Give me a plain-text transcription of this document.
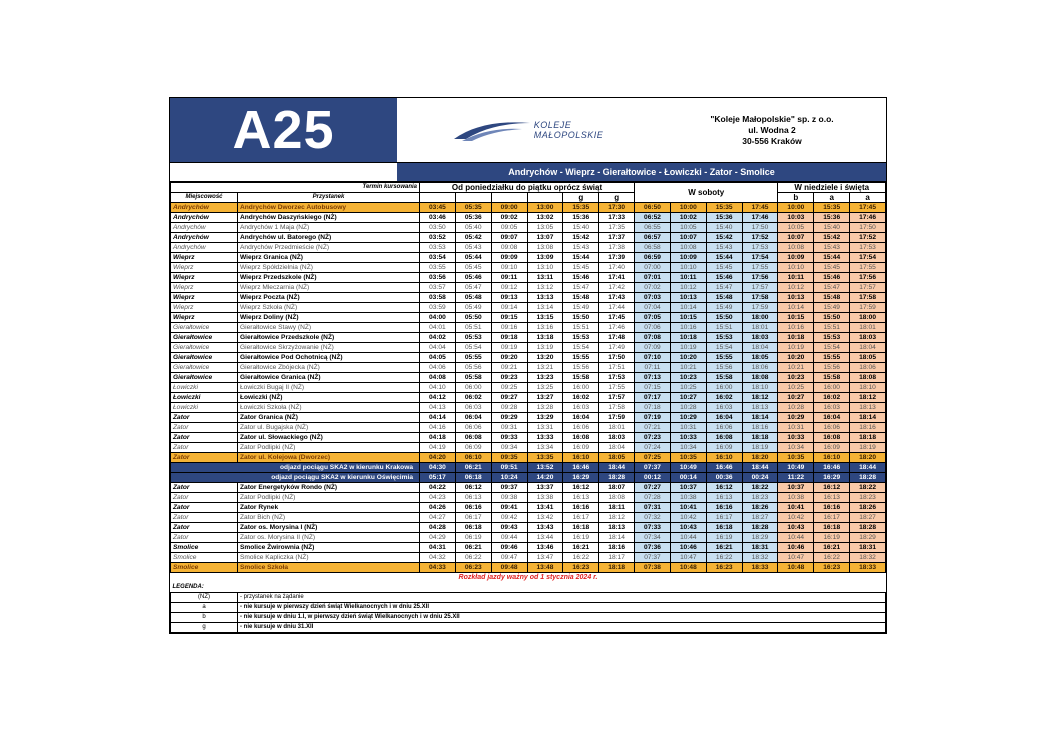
A25	KOLEJE
MAŁOPOLSKIE
"Koleje Małopolskie" sp. z o.o.
ul. Wodna 2
30-556 Kraków
Andrychów - Wieprz - Gierałtowice - Łowiczki - Zator - Smolice
Termin kursowania		Od poniedziałku do piątku oprócz świąt						W soboty				W niedziele i święta		
Miejscowość	Przystanek					g	g					b	a	a
Andrychów	Andrychów Dworzec Autobusowy	03:45	05:35	09:00	13:00	15:35	17:30	06:50	10:00	15:35	17:45	10:00	15:35	17:45
Andrychów	Andrychów Daszyńskiego (NŻ)	03:46	05:36	09:02	13:02	15:36	17:33	06:52	10:02	15:36	17:46	10:03	15:36	17:46
Andrychów	Andrychów 1 Maja (NŻ)	03:50	05:40	09:05	13:05	15:40	17:35	06:55	10:05	15:40	17:50	10:05	15:40	17:50
Andrychów	Andrychów ul. Batorego (NŻ)	03:52	05:42	09:07	13:07	15:42	17:37	06:57	10:07	15:42	17:52	10:07	15:42	17:52
Andrychów	Andrychów Przedmieście (NŻ)	03:53	05:43	09:08	13:08	15:43	17:38	06:58	10:08	15:43	17:53	10:08	15:43	17:53
Wieprz	Wieprz Granica (NŻ)	03:54	05:44	09:09	13:09	15:44	17:39	06:59	10:09	15:44	17:54	10:09	15:44	17:54
Wieprz	Wieprz Spółdzielnia (NŻ)	03:55	05:45	09:10	13:10	15:45	17:40	07:00	10:10	15:45	17:55	10:10	15:45	17:55
Wieprz	Wieprz Przedszkole (NŻ)	03:56	05:46	09:11	13:11	15:46	17:41	07:01	10:11	15:46	17:56	10:11	15:46	17:56
Wieprz	Wieprz Mleczarnia (NŻ)	03:57	05:47	09:12	13:12	15:47	17:42	07:02	10:12	15:47	17:57	10:12	15:47	17:57
Wieprz	Wieprz Poczta (NŻ)	03:58	05:48	09:13	13:13	15:48	17:43	07:03	10:13	15:48	17:58	10:13	15:48	17:58
Wieprz	Wieprz Szkoła (NŻ)	03:59	05:49	09:14	13:14	15:49	17:44	07:04	10:14	15:49	17:59	10:14	15:49	17:59
Wieprz	Wieprz Doliny (NŻ)	04:00	05:50	09:15	13:15	15:50	17:45	07:05	10:15	15:50	18:00	10:15	15:50	18:00
Gierałtowice	Gierałtowice Stawy (NŻ)	04:01	05:51	09:16	13:16	15:51	17:46	07:06	10:16	15:51	18:01	10:16	15:51	18:01
Gierałtowice	Gierałtowice Przedszkole (NŻ)	04:02	05:53	09:18	13:18	15:53	17:48	07:08	10:18	15:53	18:03	10:18	15:53	18:03
Gierałtowice	Gierałtowice Skrzyżowanie (NŻ)	04:04	05:54	09:19	13:19	15:54	17:49	07:09	10:19	15:54	18:04	10:19	15:54	18:04
Gierałtowice	Gierałtowice Pod Ochotnicą (NŻ)	04:05	05:55	09:20	13:20	15:55	17:50	07:10	10:20	15:55	18:05	10:20	15:55	18:05
Gierałtowice	Gierałtowice Zbójecka (NŻ)	04:06	05:56	09:21	13:21	15:56	17:51	07:11	10:21	15:56	18:06	10:21	15:56	18:06
Gierałtowice	Gierałtowice Granica (NŻ)	04:08	05:58	09:23	13:23	15:58	17:53	07:13	10:23	15:58	18:08	10:23	15:58	18:08
Łowiczki	Łowiczki Bugaj II (NŻ)	04:10	06:00	09:25	13:25	16:00	17:55	07:15	10:25	16:00	18:10	10:25	16:00	18:10
Łowiczki	Łowiczki (NŻ)	04:12	06:02	09:27	13:27	16:02	17:57	07:17	10:27	16:02	18:12	10:27	16:02	18:12
Łowiczki	Łowiczki Szkoła (NŻ)	04:13	06:03	09:28	13:28	16:03	17:58	07:18	10:28	16:03	18:13	10:28	16:03	18:13
Zator	Zator Granica (NŻ)	04:14	06:04	09:29	13:29	16:04	17:59	07:19	10:29	16:04	18:14	10:29	16:04	18:14
Zator	Zator ul. Bugajska (NŻ)	04:16	06:06	09:31	13:31	16:06	18:01	07:21	10:31	16:06	18:16	10:31	16:06	18:16
Zator	Zator ul. Słowackiego (NŻ)	04:18	06:08	09:33	13:33	16:08	18:03	07:23	10:33	16:08	18:18	10:33	16:08	18:18
Zator	Zator Podlipki (NŻ)	04:19	06:09	09:34	13:34	16:09	18:04	07:24	10:34	16:09	18:19	10:34	16:09	18:19
Zator	Zator ul. Kolejowa (Dworzec)	04:20	06:10	09:35	13:35	16:10	18:05	07:25	10:35	16:10	18:20	10:35	16:10	18:20
odjazd pociągu SKA2 w kierunku Krakowa		04:30	06:21	09:51	13:52	16:46	18:44	07:37	10:49	16:46	18:44	10:49	16:46	18:44
odjazd pociągu SKA2 w kierunku Oświęcimia		05:17	06:18	10:24	14:20	16:29	18:28	00:12	00:14	00:36	00:24	11:22	16:29	18:28
Zator	Zator Energetyków Rondo (NŻ)	04:22	06:12	09:37	13:37	16:12	18:07	07:27	10:37	16:12	18:22	10:37	16:12	18:22
Zator	Zator Podlipki (NŻ)	04:23	06:13	09:38	13:38	16:13	18:08	07:28	10:38	16:13	18:23	10:38	16:13	18:23
Zator	Zator Rynek	04:26	06:16	09:41	13:41	16:16	18:11	07:31	10:41	16:16	18:26	10:41	16:16	18:26
Zator	Zator Bich (NŻ)	04:27	06:17	09:42	13:42	16:17	18:12	07:32	10:42	16:17	18:27	10:42	16:17	18:27
Zator	Zator os. Morysina I (NŻ)	04:28	06:18	09:43	13:43	16:18	18:13	07:33	10:43	16:18	18:28	10:43	16:18	18:28
Zator	Zator os. Morysina II (NŻ)	04:29	06:19	09:44	13:44	16:19	18:14	07:34	10:44	16:19	18:29	10:44	16:19	18:29
Smolice	Smolice Żwirownia (NŻ)	04:31	06:21	09:46	13:46	16:21	18:16	07:36	10:46	16:21	18:31	10:46	16:21	18:31
Smolice	Smolice Kapliczka (NŻ)	04:32	06:22	09:47	13:47	16:22	18:17	07:37	10:47	16:22	18:32	10:47	16:22	18:32
Smolice	Smolice Szkoła	04:33	06:23	09:48	13:48	16:23	18:18	07:38	10:48	16:23	18:33	10:48	16:23	18:33
Rozkład jazdy ważny od 1 stycznia 2024 r.
LEGENDA:	
(NŻ)	- przystanek na żądanie
a	- nie kursuje w pierwszy dzień świąt Wielkanocnych i w dniu 25.XII
b	- nie kursuje w dniu 1.I, w pierwszy dzień świąt Wielkanocnych i w dniu 25.XII
g	- nie kursuje w dniu 31.XII
